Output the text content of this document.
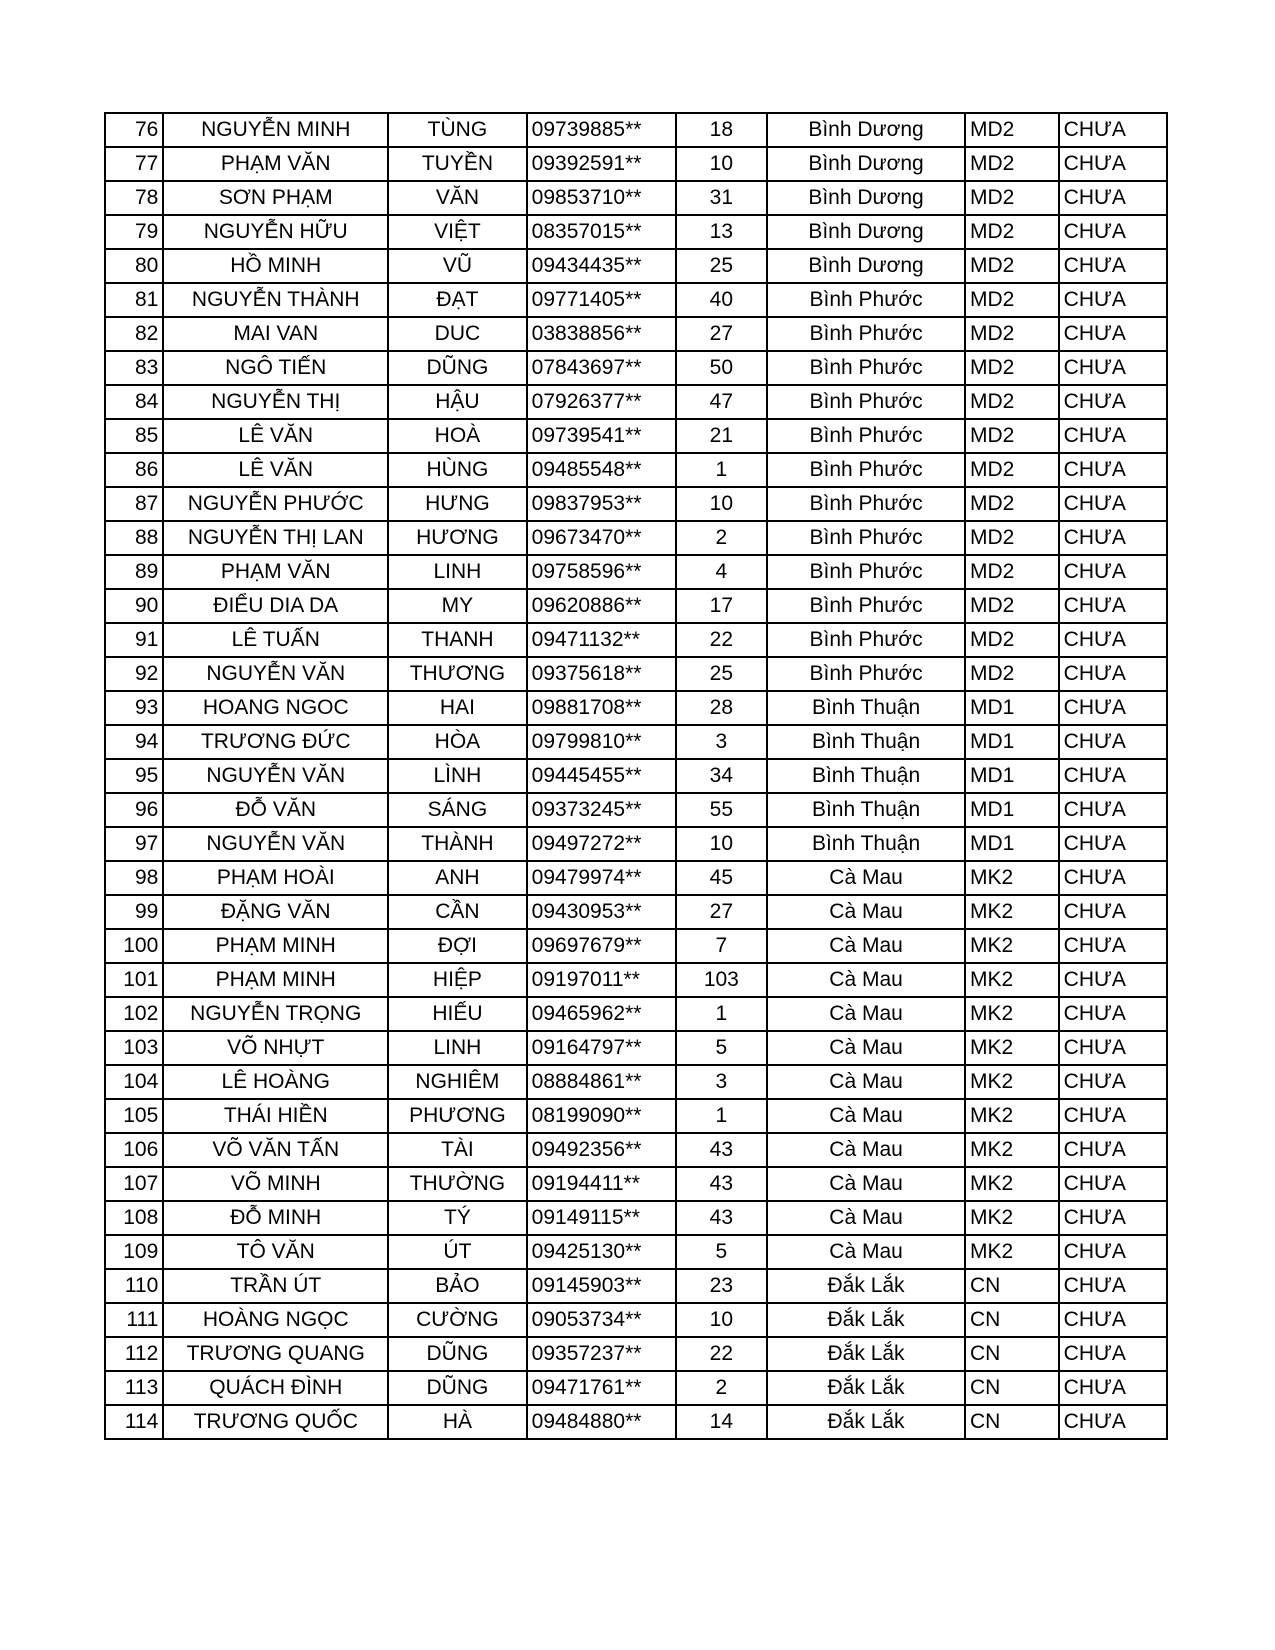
76	NGUYỄN MINH	TÙNG	09739885**	18	Bình Dương	MD2	CHƯA
77	PHẠM VĂN	TUYỀN	09392591**	10	Bình Dương	MD2	CHƯA
78	SƠN PHẠM	VĂN	09853710**	31	Bình Dương	MD2	CHƯA
79	NGUYỄN HỮU	VIỆT	08357015**	13	Bình Dương	MD2	CHƯA
80	HỒ MINH	VŨ	09434435**	25	Bình Dương	MD2	CHƯA
81	NGUYỄN THÀNH	ĐẠT	09771405**	40	Bình Phước	MD2	CHƯA
82	MAI VAN	DUC	03838856**	27	Bình Phước	MD2	CHƯA
83	NGÔ TIẾN	DŨNG	07843697**	50	Bình Phước	MD2	CHƯA
84	NGUYỄN THỊ	HẬU	07926377**	47	Bình Phước	MD2	CHƯA
85	LÊ VĂN	HOÀ	09739541**	21	Bình Phước	MD2	CHƯA
86	LÊ VĂN	HÙNG	09485548**	1	Bình Phước	MD2	CHƯA
87	NGUYỄN PHƯỚC	HƯNG	09837953**	10	Bình Phước	MD2	CHƯA
88	NGUYỄN THỊ LAN	HƯƠNG	09673470**	2	Bình Phước	MD2	CHƯA
89	PHẠM VĂN	LINH	09758596**	4	Bình Phước	MD2	CHƯA
90	ĐIỂU DIA DA	MY	09620886**	17	Bình Phước	MD2	CHƯA
91	LÊ TUẤN	THANH	09471132**	22	Bình Phước	MD2	CHƯA
92	NGUYỄN VĂN	THƯƠNG	09375618**	25	Bình Phước	MD2	CHƯA
93	HOANG NGOC	HAI	09881708**	28	Bình Thuận	MD1	CHƯA
94	TRƯƠNG ĐỨC	HÒA	09799810**	3	Bình Thuận	MD1	CHƯA
95	NGUYỄN VĂN	LÌNH	09445455**	34	Bình Thuận	MD1	CHƯA
96	ĐỖ VĂN	SÁNG	09373245**	55	Bình Thuận	MD1	CHƯA
97	NGUYỄN VĂN	THÀNH	09497272**	10	Bình Thuận	MD1	CHƯA
98	PHẠM HOÀI	ANH	09479974**	45	Cà Mau	MK2	CHƯA
99	ĐẶNG VĂN	CẦN	09430953**	27	Cà Mau	MK2	CHƯA
100	PHẠM MINH	ĐỢI	09697679**	7	Cà Mau	MK2	CHƯA
101	PHẠM MINH	HIỆP	09197011**	103	Cà Mau	MK2	CHƯA
102	NGUYỄN TRỌNG	HIẾU	09465962**	1	Cà Mau	MK2	CHƯA
103	VÕ NHỰT	LINH	09164797**	5	Cà Mau	MK2	CHƯA
104	LÊ HOÀNG	NGHIÊM	08884861**	3	Cà Mau	MK2	CHƯA
105	THÁI HIỀN	PHƯƠNG	08199090**	1	Cà Mau	MK2	CHƯA
106	VÕ VĂN TẤN	TÀI	09492356**	43	Cà Mau	MK2	CHƯA
107	VÕ MINH	THƯỜNG	09194411**	43	Cà Mau	MK2	CHƯA
108	ĐỖ MINH	TÝ	09149115**	43	Cà Mau	MK2	CHƯA
109	TÔ VĂN	ÚT	09425130**	5	Cà Mau	MK2	CHƯA
110	TRẦN ÚT	BẢO	09145903**	23	Đắk Lắk	CN	CHƯA
111	HOÀNG NGỌC	CƯỜNG	09053734**	10	Đắk Lắk	CN	CHƯA
112	TRƯƠNG QUANG	DŨNG	09357237**	22	Đắk Lắk	CN	CHƯA
113	QUÁCH ĐÌNH	DŨNG	09471761**	2	Đắk Lắk	CN	CHƯA
114	TRƯƠNG QUỐC	HÀ	09484880**	14	Đắk Lắk	CN	CHƯA
